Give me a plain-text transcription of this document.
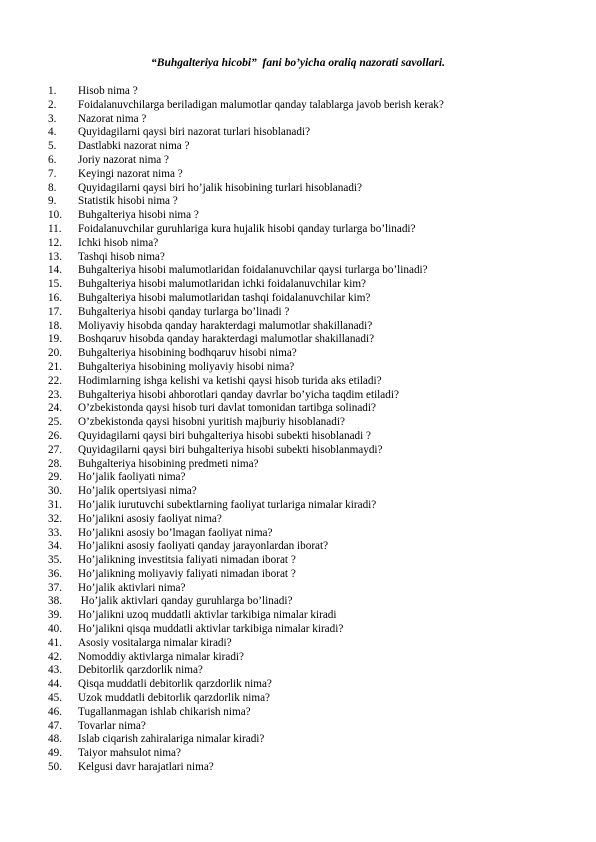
“Buhgalteriya hicobi”  fani bo’yicha oraliq nazorati savollari.
1. Hisob nima ?
2. Foidalanuvchilarga beriladigan malumotlar qanday talablarga javob berish kerak?
3. Nazorat nima ?
4. Quyidagilarni qaysi biri nazorat turlari hisoblanadi?
5. Dastlabki nazorat nima ?
6. Joriy nazorat nima ?
7. Keyingi nazorat nima ?
8. Quyidagilarni qaysi biri ho’jalik hisobining turlari hisoblanadi?
9. Statistik hisobi nima ?
10. Buhgalteriya hisobi nima ?
11. Foidalanuvchilar guruhlariga kura hujalik hisobi qanday turlarga bo’linadi?
12. Ichki hisob nima?
13. Tashqi hisob nima?
14. Buhgalteriya hisobi malumotlaridan foidalanuvchilar qaysi turlarga bo’linadi?
15. Buhgalteriya hisobi malumotlaridan ichki foidalanuvchilar kim?
16. Buhgalteriya hisobi malumotlaridan tashqi foidalanuvchilar kim?
17. Buhgalteriya hisobi qanday turlarga bo’linadi ?
18. Moliyaviy hisobda qanday harakterdagi malumotlar shakillanadi?
19. Boshqaruv hisobda qanday harakterdagi malumotlar shakillanadi?
20. Buhgalteriya hisobining bodhqaruv hisobi nima?
21. Buhgalteriya hisobining moliyaviy hisobi nima?
22. Hodimlarning ishga kelishi va ketishi qaysi hisob turida aks etiladi?
23. Buhgalteriya hisobi ahborotlari qanday davrlar bo’yicha taqdim etiladi?
24. O’zbekistonda qaysi hisob turi davlat tomonidan tartibga solinadi?
25. O’zbekistonda qaysi hisobni yuritish majburiy hisoblanadi?
26. Quyidagilarni qaysi biri buhgalteriya hisobi subekti hisoblanadi ?
27. Quyidagilarni qaysi biri buhgalteriya hisobi subekti hisoblanmaydi?
28. Buhgalteriya hisobining predmeti nima?
29. Ho’jalik faoliyati nima?
30. Ho’jalik opertsiyasi nima?
31. Ho’jalik iurutuvchi subektlarning faoliyat turlariga nimalar kiradi?
32. Ho’jalikni asosiy faoliyat nima?
33. Ho’jalikni asosiy bo’lmagan faoliyat nima?
34. Ho’jalikni asosiy faoliyati qanday jarayonlardan iborat?
35. Ho’jalikning investitsia faliyati nimadan iborat ?
36. Ho’jalikning moliyaviy faliyati nimadan iborat ?
37. Ho’jalik aktivlari nima?
38. Ho’jalik aktivlari qanday guruhlarga bo’linadi?
39. Ho’jalikni uzoq muddatli aktivlar tarkibiga nimalar kiradi
40. Ho’jalikni qisqa muddatli aktivlar tarkibiga nimalar kiradi?
41. Asosiy vositalarga nimalar kiradi?
42. Nomoddiy aktivlarga nimalar kiradi?
43. Debitorlik qarzdorlik nima?
44. Qisqa muddatli debitorlik qarzdorlik nima?
45. Uzok muddatli debitorlik qarzdorlik nima?
46. Tugallanmagan ishlab chikarish nima?
47. Tovarlar nima?
48. Islab ciqarish zahiralariga nimalar kiradi?
49. Taiyor mahsulot nima?
50. Kelgusi davr harajatlari nima?
